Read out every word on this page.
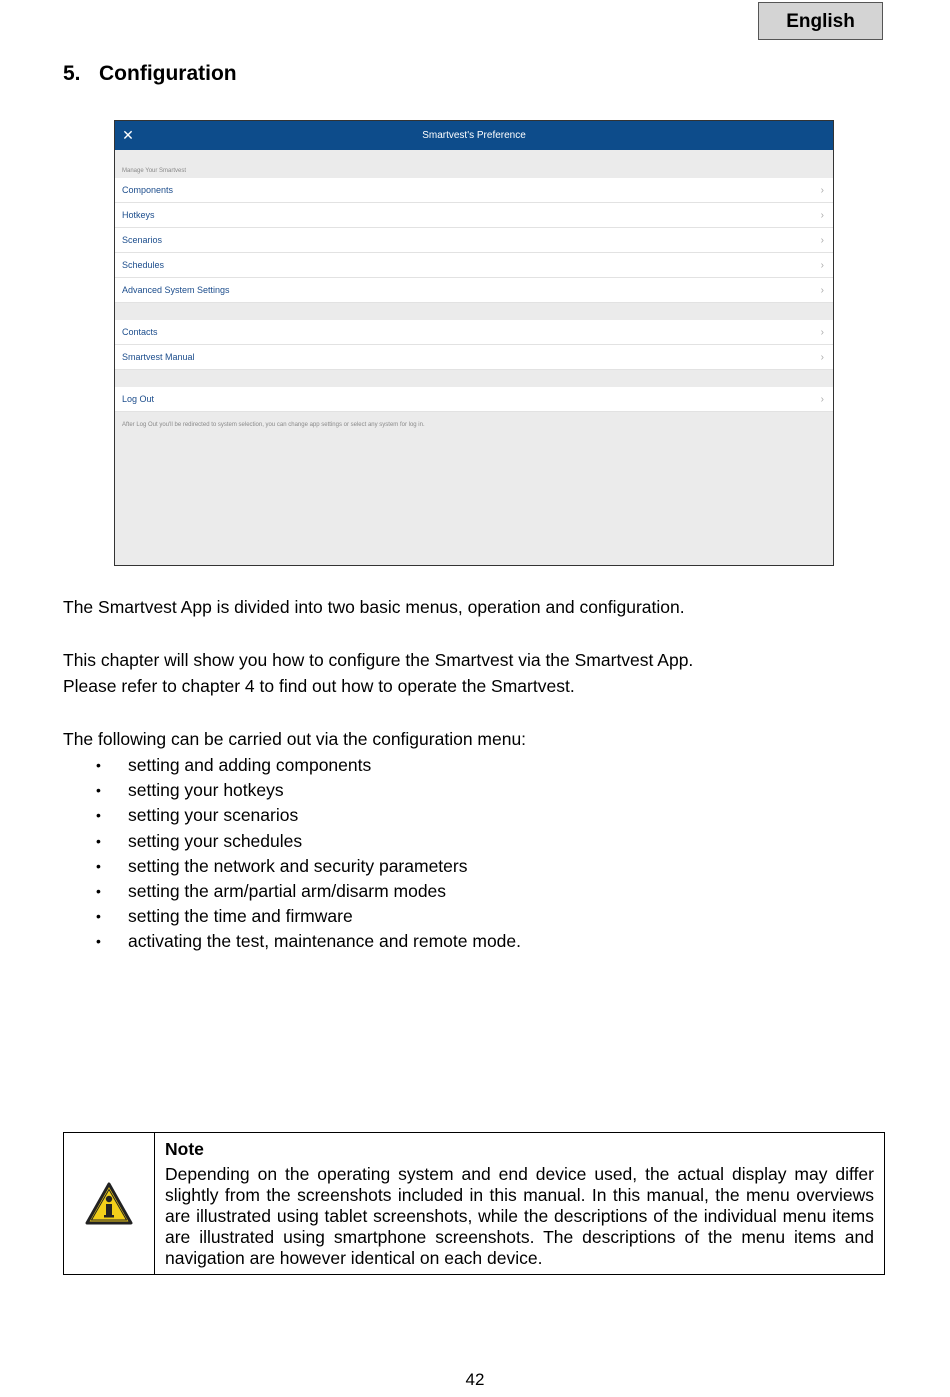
English
5. Configuration
✕	Smartvest's Preference
Manage Your Smartvest
Components	›
Hotkeys	›
Scenarios	›
Schedules	›
Advanced System Settings	›
Contacts	›
Smartvest Manual	›
Log Out	›
After Log Out you'll be redirected to system selection, you can change app settings or select any system for log in.

The Smartvest App is divided into two basic menus, operation and configuration.

This chapter will show you how to configure the Smartvest via the Smartvest App.

Please refer to chapter 4 to find out how to operate the Smartvest.

The following can be carried out via the configuration menu:

• setting and adding components
• setting your hotkeys
• setting your scenarios
• setting your schedules
• setting the network and security parameters
• setting the arm/partial arm/disarm modes
• setting the time and firmware
• activating the test, maintenance and remote mode.
Note
Depending on the operating system and end device used, the actual display may differ slightly from the screenshots included in this manual. In this manual, the menu overviews are illustrated using tablet screenshots, while the descriptions of the individual menu items are illustrated using smartphone screenshots. The descriptions of the menu items and navigation are however identical on each device.
42
